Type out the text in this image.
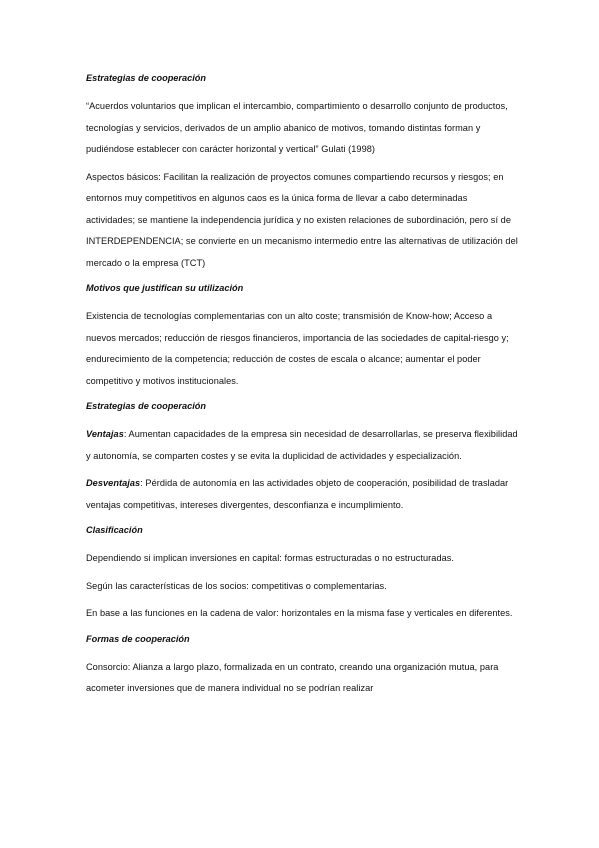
Estrategias de cooperación

“Acuerdos voluntarios que implican el intercambio, compartimiento o desarrollo conjunto de productos, tecnologías y servicios, derivados de un amplio abanico de motivos, tomando distintas forman y pudiéndose establecer con carácter horizontal y vertical” Gulati (1998)

Aspectos básicos: Facilitan la realización de proyectos comunes compartiendo recursos y riesgos; en entornos muy competitivos en algunos caos es la única forma de llevar a cabo determinadas actividades; se mantiene la independencia jurídica y no existen relaciones de subordinación, pero sí de INTERDEPENDENCIA; se convierte en un mecanismo intermedio entre las alternativas de utilización del mercado o la empresa (TCT)

Motivos que justifican su utilización

Existencia de tecnologías complementarias con un alto coste; transmisión de Know-how; Acceso a nuevos mercados; reducción de riesgos financieros, importancia de las sociedades de capital-riesgo y; endurecimiento de la competencia; reducción de costes de escala o alcance; aumentar el poder competitivo y motivos institucionales.

Estrategias de cooperación

Ventajas: Aumentan capacidades de la empresa sin necesidad de desarrollarlas, se preserva flexibilidad y autonomía, se comparten costes y se evita la duplicidad de actividades y especialización.

Desventajas: Pérdida de autonomía en las actividades objeto de cooperación, posibilidad de trasladar ventajas competitivas, intereses divergentes, desconfianza e incumplimiento.

Clasificación

Dependiendo si implican inversiones en capital: formas estructuradas o no estructuradas.

Según las características de los socios: competitivas o complementarias.

En base a las funciones en la cadena de valor: horizontales en la misma fase y verticales en diferentes.

Formas de cooperación

Consorcio: Alianza a largo plazo, formalizada en un contrato, creando una organización mutua, para acometer inversiones que de manera individual no se podrían realizar
